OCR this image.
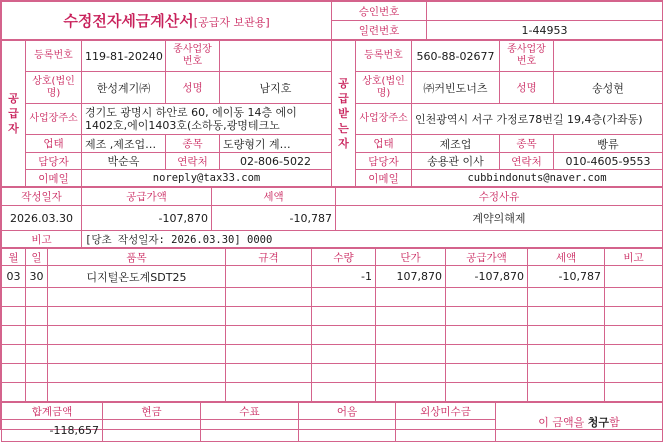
수정전자세금계산서[공급자 보관용]	승인번호	
	일련번호	1-44953
공
급
자	등록번호	119-81-20240	종사업장번호		공
급
받
는
자	등록번호	560-88-02677	종사업장번호	
	상호(법인명)	한성계기㈜	성명	남지호		상호(법인명)	㈜커빈도너츠	성명	송성현
	사업장주소	경기도 광명시 하안로 60, 에이동 14층 에이 1402호,에이1403호(소하동,광명테크노				사업장주소	인천광역시 서구 가정로78번길 19,4층(가좌동)		
	업태	제조 ,제조업…	종목	도량형기 계…		업태	제조업	종목	빵류
	담당자	박순옥	연락처	02-806-5022		담당자	송용관 이사	연락처	010-4605-9553
	이메일	noreply@tax33.com				이메일	cubbindonuts@naver.com		
작성일자	공급가액	세액	수정사유
2026.03.30	-107,870	-10,787	계약의해제
비고	[당초 작성일자: 2026.03.30] 0000		
월	일	품목	규격	수량	단가	공급가액	세액	비고
03	30	디지털온도계SDT25		-1	107,870	-107,870	-10,787	

합계금액	현금	수표	어음	외상미수금	이 금액을 청구함
-118,657					
